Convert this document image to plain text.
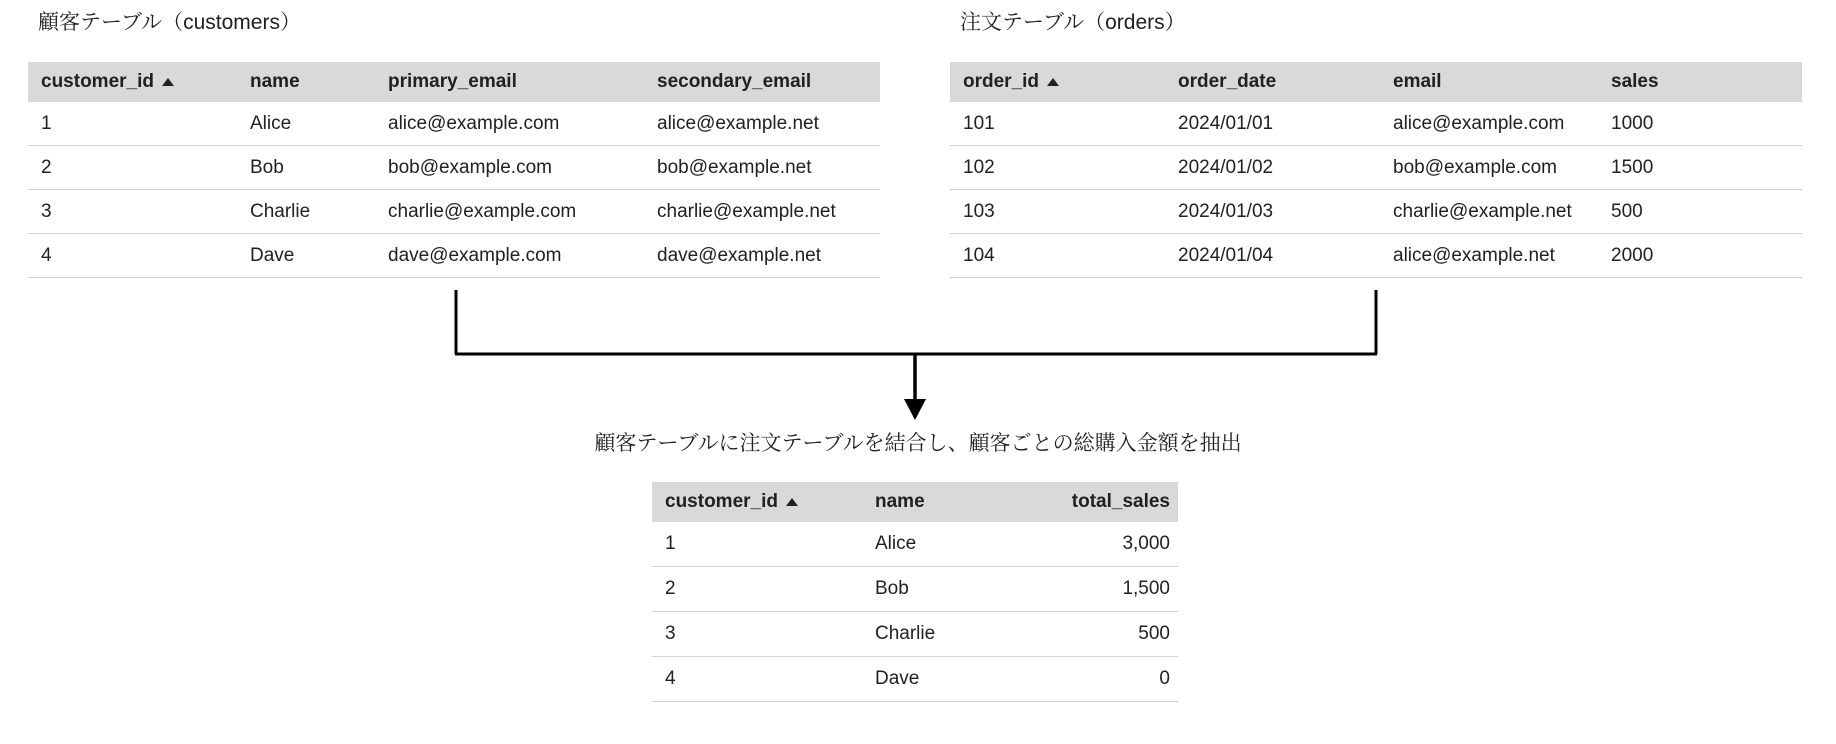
顧客テーブル（customers）
customer_id	name	primary_email	secondary_email
1	Alice	alice@example.com	alice@example.net
2	Bob	bob@example.com	bob@example.net
3	Charlie	charlie@example.com	charlie@example.net
4	Dave	dave@example.com	dave@example.net
注文テーブル（orders）
order_id	order_date	email	sales
101	2024/01/01	alice@example.com	1000
102	2024/01/02	bob@example.com	1500
103	2024/01/03	charlie@example.net	500
104	2024/01/04	alice@example.net	2000
顧客テーブルに注文テーブルを結合し、顧客ごとの総購入金額を抽出
customer_id	name	total_sales
1	Alice	3,000
2	Bob	1,500
3	Charlie	500
4	Dave	0
